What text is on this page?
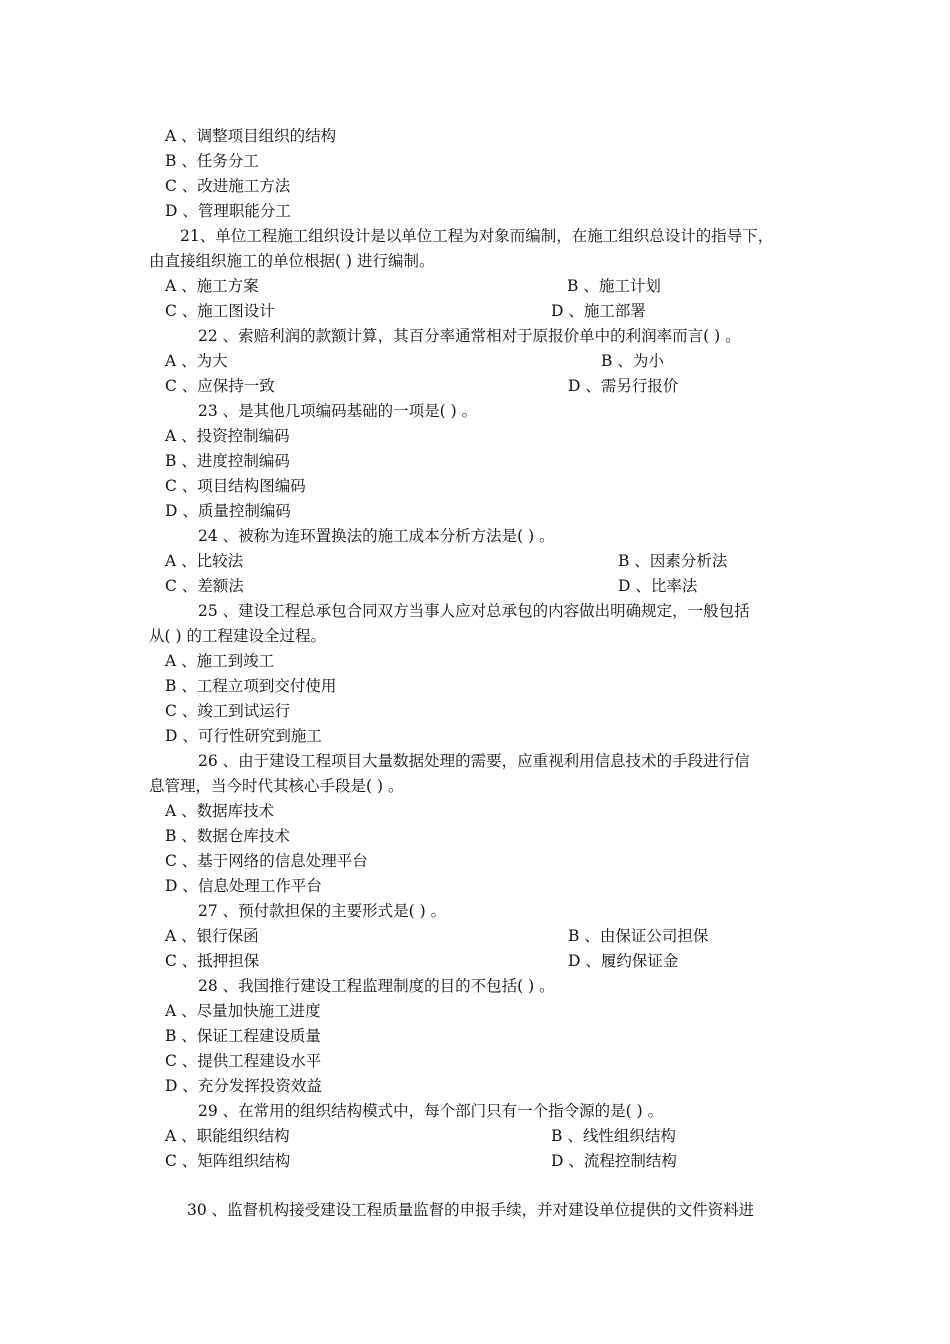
A 、调整项目组织的结构
B 、任务分工
C 、改进施工方法
D 、管理职能分工
21、单位工程施工组织设计是以单位工程为对象而编制，在施工组织总设计的指导下，
由直接组织施工的单位根据( ) 进行编制。
A 、施工方案	B 、施工计划
C 、施工图设计	D 、施工部署
22 、索赔利润的款额计算，其百分率通常相对于原报价单中的利润率而言( ) 。
A 、为大	B 、为小
C 、应保持一致	D 、需另行报价
23 、是其他几项编码基础的一项是( ) 。
A 、投资控制编码
B 、进度控制编码
C 、项目结构图编码
D 、质量控制编码
24 、被称为连环置换法的施工成本分析方法是( ) 。
A 、比较法	B 、因素分析法
C 、差额法	D 、比率法
25 、建设工程总承包合同双方当事人应对总承包的内容做出明确规定，一般包括
从( ) 的工程建设全过程。
A 、施工到竣工
B 、工程立项到交付使用
C 、竣工到试运行
D 、可行性研究到施工
26 、由于建设工程项目大量数据处理的需要，应重视利用信息技术的手段进行信
息管理，当今时代其核心手段是( ) 。
A 、数据库技术
B 、数据仓库技术
C 、基于网络的信息处理平台
D 、信息处理工作平台
27 、预付款担保的主要形式是( ) 。
A 、银行保函	B 、由保证公司担保
C 、抵押担保	D 、履约保证金
28 、我国推行建设工程监理制度的目的不包括( ) 。
A 、尽量加快施工进度
B 、保证工程建设质量
C 、提供工程建设水平
D 、充分发挥投资效益
29 、在常用的组织结构模式中，每个部门只有一个指令源的是( ) 。
A 、职能组织结构	B 、线性组织结构
C 、矩阵组织结构	D 、流程控制结构
30 、监督机构接受建设工程质量监督的申报手续，并对建设单位提供的文件资料进
